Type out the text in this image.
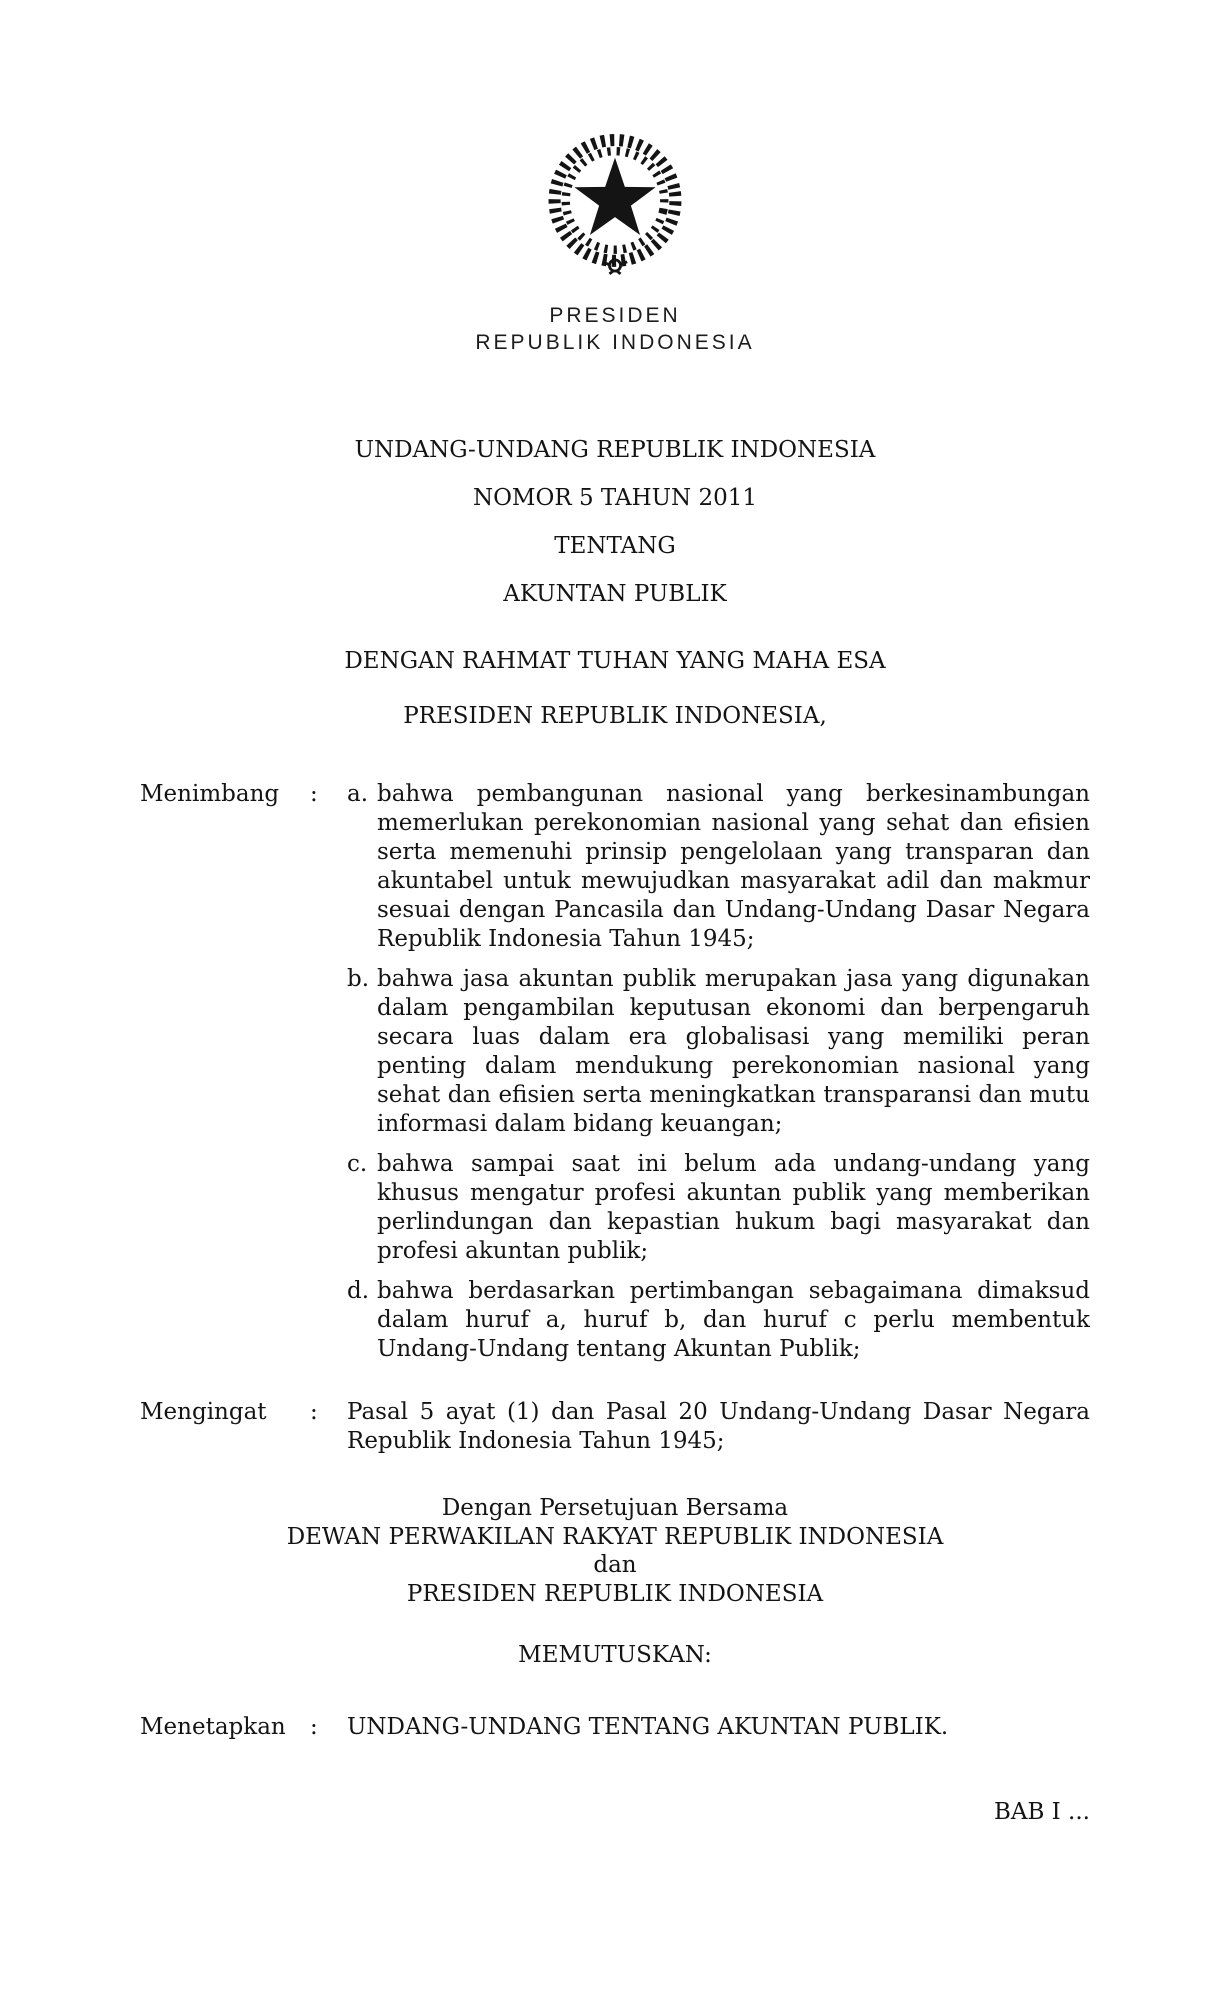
PRESIDEN
REPUBLIK INDONESIA
UNDANG-UNDANG REPUBLIK INDONESIA
NOMOR 5 TAHUN 2011
TENTANG
AKUNTAN PUBLIK
DENGAN RAHMAT TUHAN YANG MAHA ESA
PRESIDEN REPUBLIK INDONESIA,
Menimbang	:	a. bahwa pembangunan nasional yang berkesinambungan memerlukan perekonomian nasional yang sehat dan efisien serta memenuhi prinsip pengelolaan yang transparan dan akuntabel untuk mewujudkan masyarakat adil dan makmur sesuai dengan Pancasila dan Undang-Undang Dasar Negara Republik Indonesia Tahun 1945;
b. bahwa jasa akuntan publik merupakan jasa yang digunakan dalam pengambilan keputusan ekonomi dan berpengaruh secara luas dalam era globalisasi yang memiliki peran penting dalam mendukung perekonomian nasional yang sehat dan efisien serta meningkatkan transparansi dan mutu informasi dalam bidang keuangan;
c. bahwa sampai saat ini belum ada undang-undang yang khusus mengatur profesi akuntan publik yang memberikan perlindungan dan kepastian hukum bagi masyarakat dan profesi akuntan publik;
d. bahwa berdasarkan pertimbangan sebagaimana dimaksud dalam huruf a, huruf b, dan huruf c perlu membentuk Undang-Undang tentang Akuntan Publik;
Mengingat	:	Pasal 5 ayat (1) dan Pasal 20 Undang-Undang Dasar Negara Republik Indonesia Tahun 1945;
Dengan Persetujuan Bersama
DEWAN PERWAKILAN RAKYAT REPUBLIK INDONESIA
dan
PRESIDEN REPUBLIK INDONESIA
MEMUTUSKAN:
Menetapkan	:	UNDANG-UNDANG TENTANG AKUNTAN PUBLIK.
BAB I ...
